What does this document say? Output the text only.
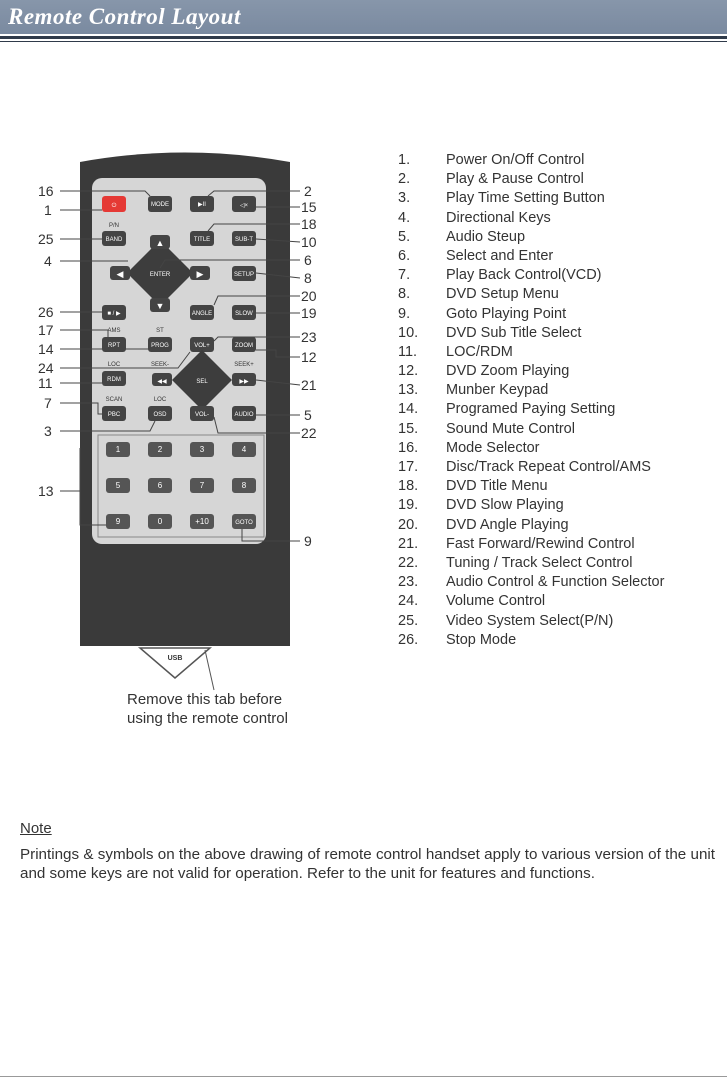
Remote Control Layout
⏻	MODE	▶II	◁×
P/N
BAND	TITLE	SUB-T
▲
◀	▶
▼
ENTER	SETUP
■ / ▶	ANGLE	SLOW
AMS	ST
RPT	PROG	VOL+	ZOOM
LOC	SEEK-	SEEK+
RDM	◀◀	▶▶
SEL
SCAN	LOC
PBC	OSD	VOL-	AUDIO
1	2	3	4
5	6	7	8
9	0	+10	GOTO
USB
16
1
25
4
26
17
14
24
11
7
3
13
2
15
18
10
6
8
20
19
23
12
21
5
22
9
1. Power On/Off Control
2. Play & Pause Control
3. Play Time Setting Button
4. Directional Keys
5. Audio Steup
6. Select and Enter
7. Play Back Control(VCD)
8. DVD Setup Menu
9. Goto Playing Point
10. DVD Sub Title Select
11. LOC/RDM
12. DVD Zoom Playing
13. Munber Keypad
14. Programed Paying Setting
15. Sound Mute Control
16. Mode Selector
17. Disc/Track Repeat Control/AMS
18. DVD Title Menu
19. DVD Slow Playing
20. DVD Angle Playing
21. Fast Forward/Rewind Control
22. Tuning / Track Select Control
23. Audio Control & Function Selector
24. Volume Control
25. Video System Select(P/N)
26. Stop Mode
Remove this tab before
using the remote control
Note

Printings & symbols on the above drawing of remote control handset apply to various version of the unit and some keys are not valid for operation. Refer to the unit for features and functions.
